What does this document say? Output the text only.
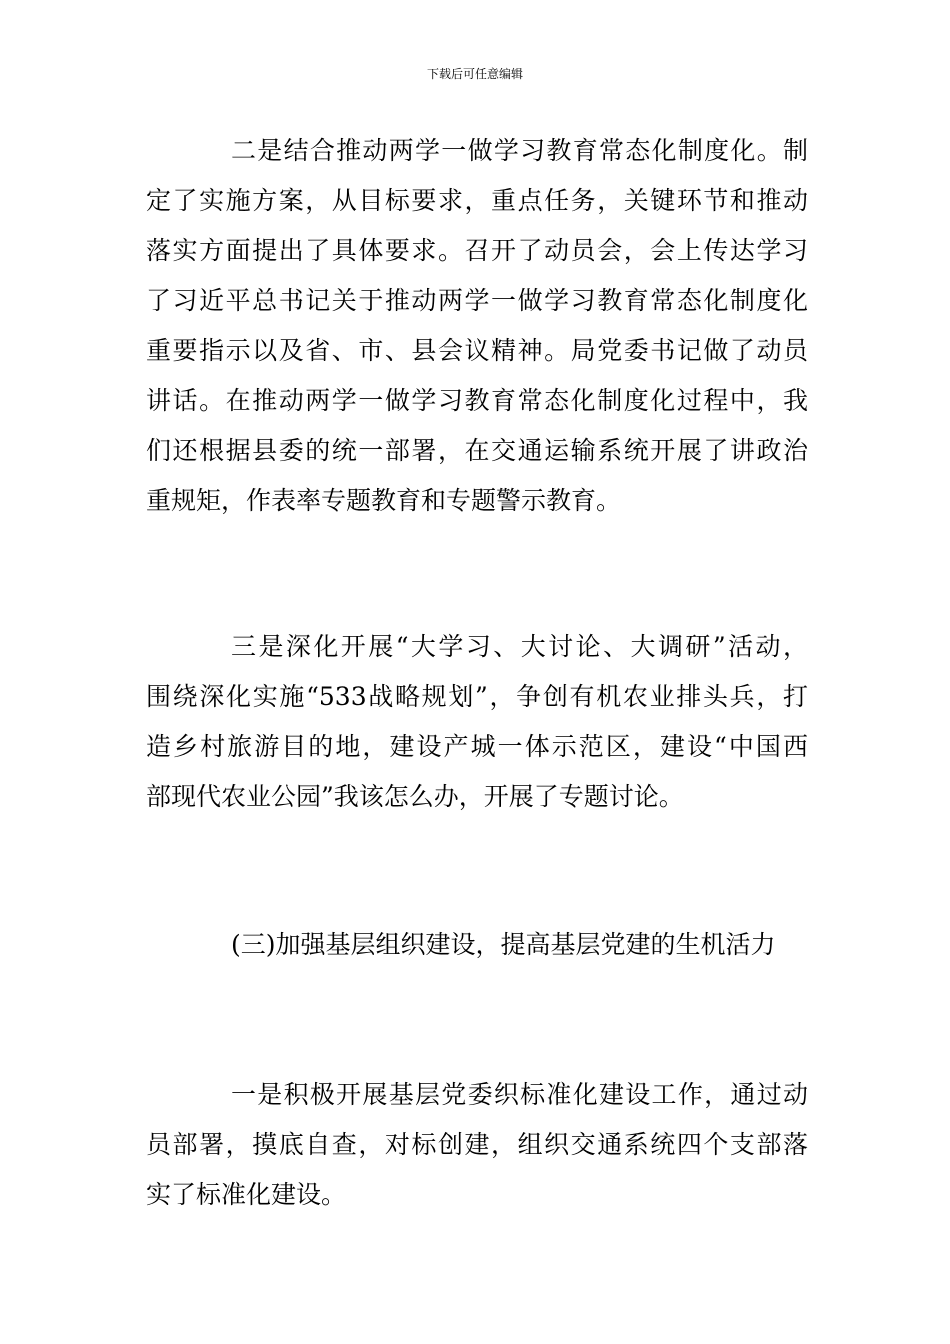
下载后可任意编辑
二是结合推动两学一做学习教育常态化制度化。制
定了实施方案，从目标要求，重点任务，关键环节和推动
落实方面提出了具体要求。召开了动员会，会上传达学习
了习近平总书记关于推动两学一做学习教育常态化制度化
重要指示以及省、市、县会议精神。局党委书记做了动员
讲话。在推动两学一做学习教育常态化制度化过程中，我
们还根据县委的统一部署，在交通运输系统开展了讲政治
重规矩，作表率专题教育和专题警示教育。
三是深化开展“大学习、大讨论、大调研”活动，
围绕深化实施“533战略规划”，争创有机农业排头兵，打
造乡村旅游目的地，建设产城一体示范区，建设“中国西
部现代农业公园”我该怎么办，开展了专题讨论。
(三)加强基层组织建设，提高基层党建的生机活力
一是积极开展基层党委织标准化建设工作，通过动
员部署，摸底自查，对标创建，组织交通系统四个支部落
实了标准化建设。
